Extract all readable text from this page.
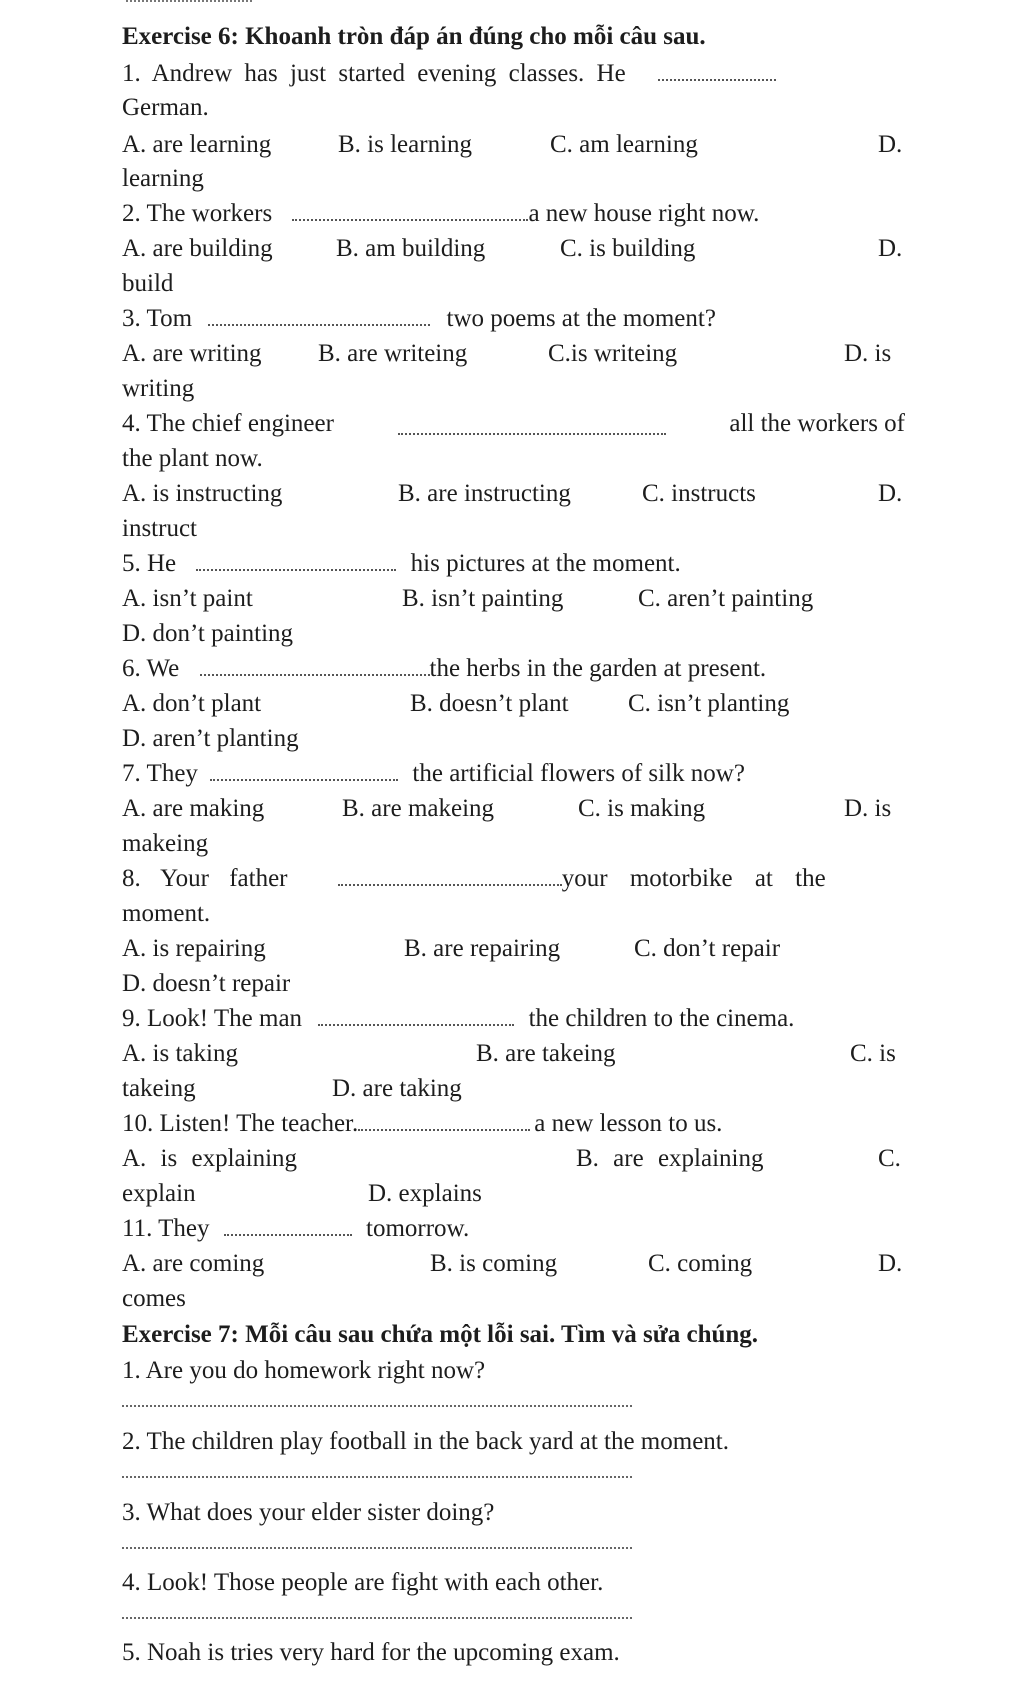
Exercise 6: Khoanh tròn đáp án đúng cho mỗi câu sau.
1. Andrew has just started evening classes. He
German.
A. are learning	B. is learning	C. am learning	D.
learning
2. The workers	a new house right now.
A. are building	B. am building	C. is building	D.
build
3. Tom	two poems at the moment?
A. are writing B. are writeing	C.is writeing	D. is
writing
4. The chief engineer	all the workers of
the plant now.
A. is instructing	B. are instructing	C. instructs	D.
instruct
5. He	his pictures at the moment.
A. isn’t paint	B. isn’t painting	C. aren’t painting
D. don’t painting
6. We	the herbs in the garden at present.
A. don’t plant	B. doesn’t plant C. isn’t planting
D. aren’t planting
7. They	the artificial flowers of silk now?
A. are making	B. are makeing	C. is making	D. is
makeing
8. Your father	your motorbike at the
moment.
A. is repairing	B. are repairing	C. don’t repair
D. doesn’t repair
9. Look! The man	the children to the cinema.
A. is taking	B. are takeing	C. is
takeing	D. are taking
10. Listen! The teacher.	a new lesson to us.
A. is explaining	B. are explaining	C.
explain	D. explains
11. They	tomorrow.
A. are coming	B. is coming	C. coming	D.
comes
Exercise 7: Mỗi câu sau chứa một lỗi sai. Tìm và sửa chúng.
1. Are you do homework right now?
2. The children play football in the back yard at the moment.
3. What does your elder sister doing?
4. Look! Those people are fight with each other.
5. Noah is tries very hard for the upcoming exam.
